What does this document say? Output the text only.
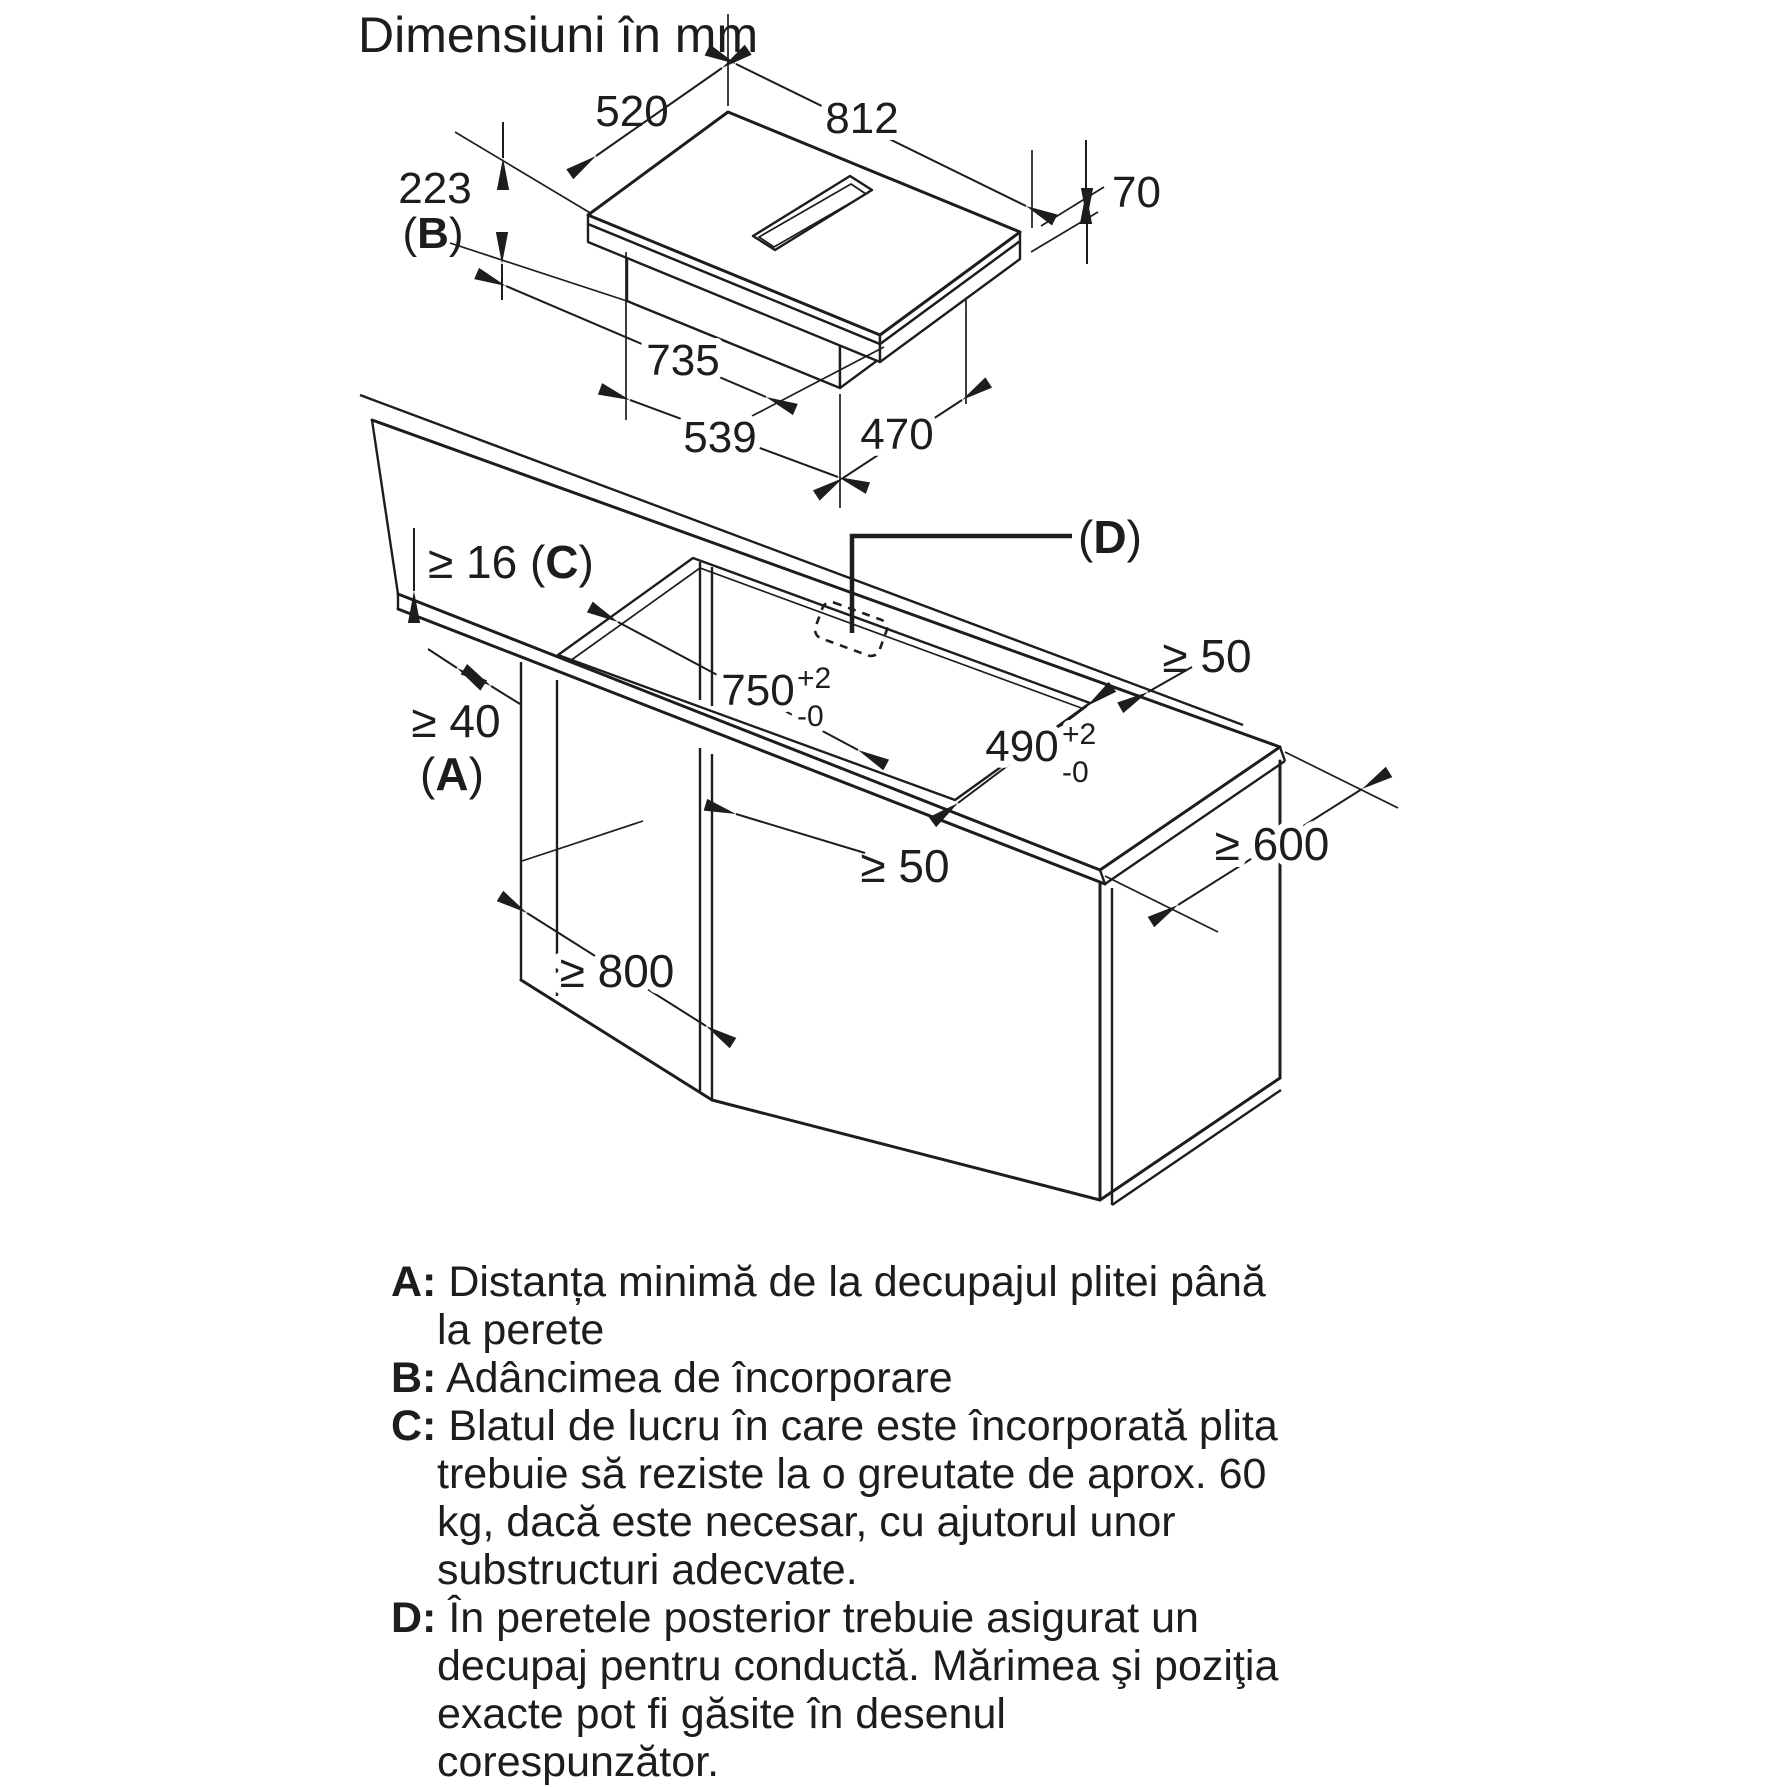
Dimensiuni în mm
520	812
70
223
(B)
735
539 470
(D)
≥ 16 (C)
≥ 40
(A)
750 +2
-0
490 +2
-0
≥ 50
≥ 50	≥ 600
≥ 800
A: Distanța minimă de la decupajul plitei până la perete
B: Adâncimea de încorporare
C: Blatul de lucru în care este încorporată plita trebuie să reziste la o greutate de aprox. 60 kg, dacă este necesar, cu ajutorul unor substructuri adecvate.
D: În peretele posterior trebuie asigurat un decupaj pentru conductă. Mărimea şi poziţia exacte pot fi găsite în desenul corespunzător.
